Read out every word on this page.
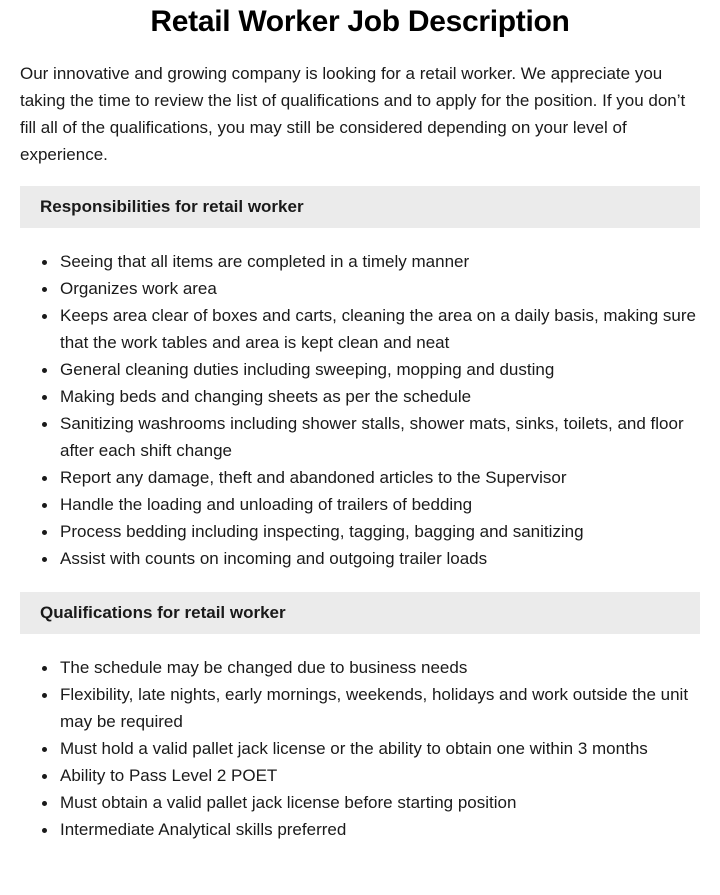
Retail Worker Job Description

Our innovative and growing company is looking for a retail worker. We appreciate you taking the time to review the list of qualifications and to apply for the position. If you don’t fill all of the qualifications, you may still be considered depending on your level of experience.

Responsibilities for retail worker
Seeing that all items are completed in a timely manner
Organizes work area
Keeps area clear of boxes and carts, cleaning the area on a daily basis, making sure that the work tables and area is kept clean and neat
General cleaning duties including sweeping, mopping and dusting
Making beds and changing sheets as per the schedule
Sanitizing washrooms including shower stalls, shower mats, sinks, toilets, and floor after each shift change
Report any damage, theft and abandoned articles to the Supervisor
Handle the loading and unloading of trailers of bedding
Process bedding including inspecting, tagging, bagging and sanitizing
Assist with counts on incoming and outgoing trailer loads
Qualifications for retail worker
The schedule may be changed due to business needs
Flexibility, late nights, early mornings, weekends, holidays and work outside the unit may be required
Must hold a valid pallet jack license or the ability to obtain one within 3 months
Ability to Pass Level 2 POET
Must obtain a valid pallet jack license before starting position
Intermediate Analytical skills preferred
